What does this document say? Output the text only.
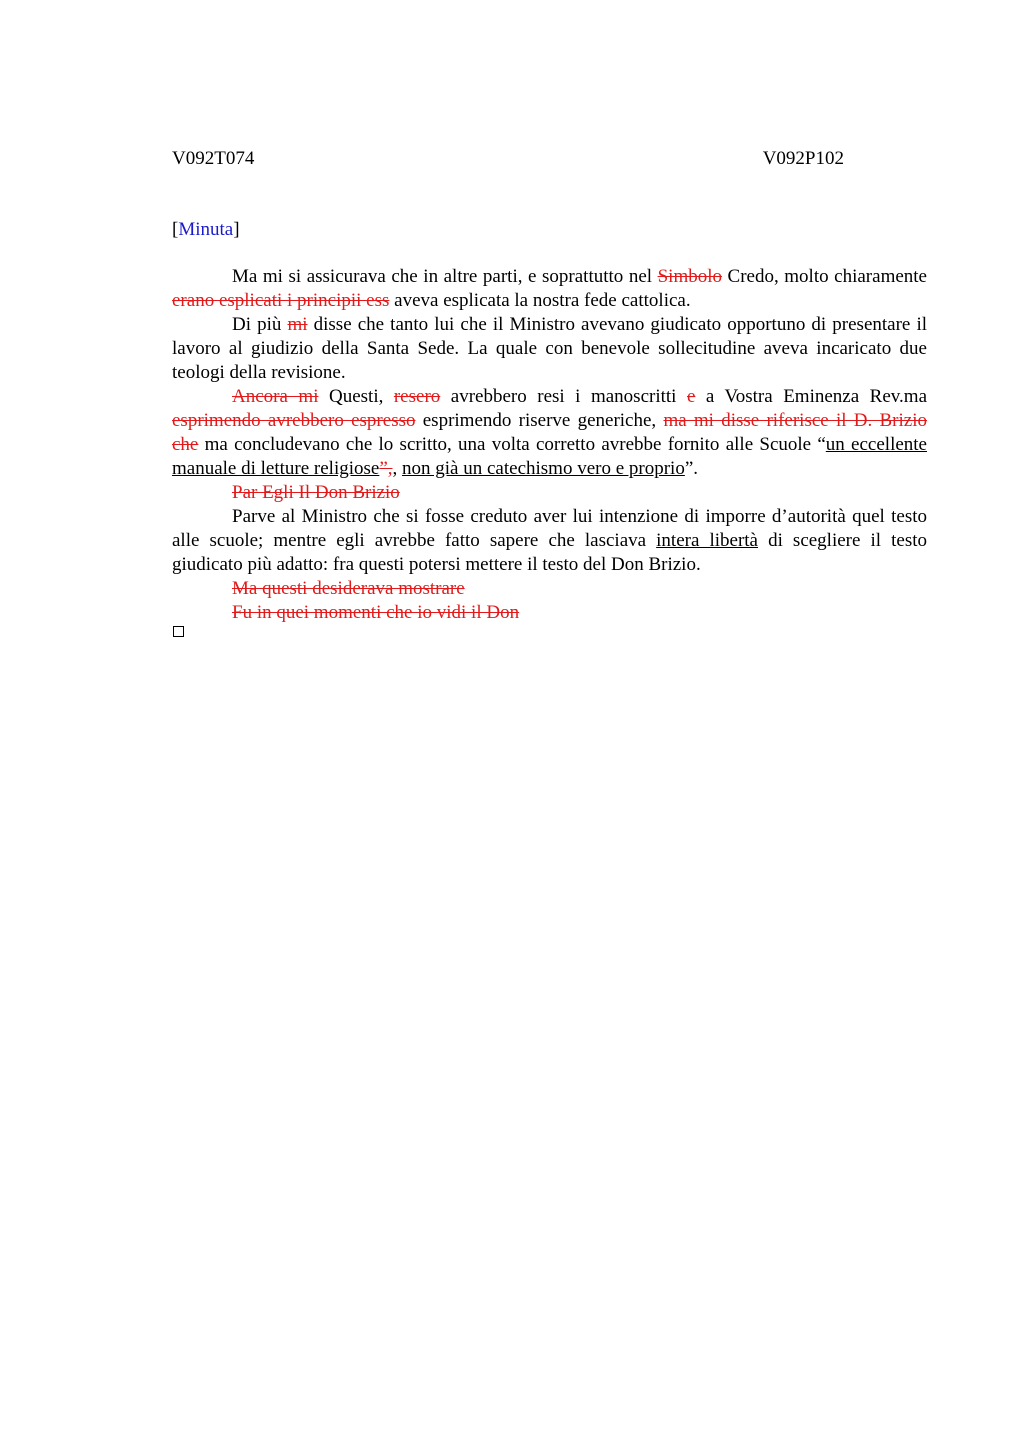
V092T074	V092P102
[Minuta]

Ma mi si assicurava che in altre parti, e soprattutto nel Simbolo Credo, molto chiaramente erano esplicati i principii ess aveva esplicata la nostra fede cattolica.

Di più mi disse che tanto lui che il Ministro avevano giudicato opportuno di presentare il lavoro al giudizio della Santa Sede. La quale con benevole sollecitudine aveva incaricato due teologi della revisione.

Ancora mi Questi, resero avrebbero resi i manoscritti e a Vostra Eminenza Rev.ma esprimendo avrebbero espresso esprimendo riserve generiche, ma mi disse riferisce il D. Brizio che ma concludevano che lo scritto, una volta corretto avrebbe fornito alle Scuole “un eccellente manuale di letture religiose”,, non già un catechismo vero e proprio”.

Par Egli Il Don Brizio

Parve al Ministro che si fosse creduto aver lui intenzione di imporre d’autorità quel testo alle scuole; mentre egli avrebbe fatto sapere che lasciava intera libertà di scegliere il testo giudicato più adatto: fra questi potersi mettere il testo del Don Brizio.

Ma questi desiderava mostrare

Fu in quei momenti che io vidi il Don
